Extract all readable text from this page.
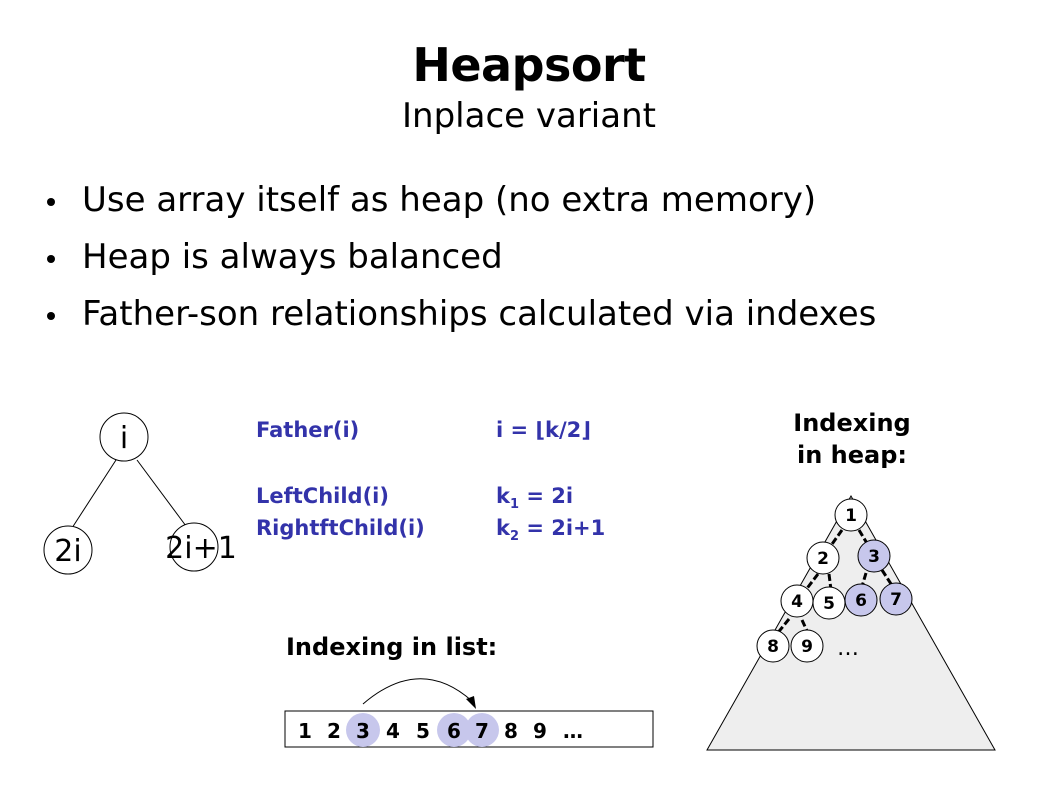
Heapsort
Inplace variant
Use array itself as heap (no extra memory)
Heap is always balanced
Father-son relationships calculated via indexes
i
2i	2i+1
1
2 3
4 5 6 7
8 9 …
1 2 3 4 5 6 7 8 9 …
Father(i)	i = ⌊k/2⌋
LeftChild(i)	$k_1 = 2i$
RightftChild(i)	$k_2 = 2i+1$
Indexing
in heap:
Indexing in list:
